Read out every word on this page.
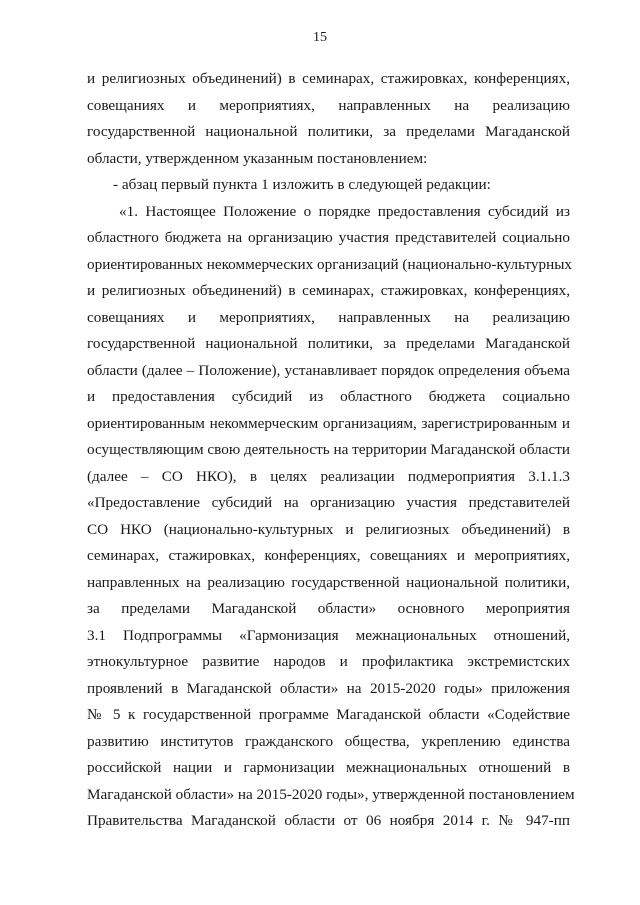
15
и религиозных объединений) в семинарах, стажировках, конференциях,
совещаниях и мероприятиях, направленных на реализацию
государственной национальной политики, за пределами Магаданской
области, утвержденном указанным постановлением:
- абзац первый пункта 1 изложить в следующей редакции:
«1. Настоящее Положение о порядке предоставления субсидий из
областного бюджета на организацию участия представителей социально
ориентированных некоммерческих организаций (национально-культурных
и религиозных объединений) в семинарах, стажировках, конференциях,
совещаниях и мероприятиях, направленных на реализацию
государственной национальной политики, за пределами Магаданской
области (далее – Положение), устанавливает порядок определения объема
и предоставления субсидий из областного бюджета социально
ориентированным некоммерческим организациям, зарегистрированным и
осуществляющим свою деятельность на территории Магаданской области
(далее – СО НКО), в целях реализации подмероприятия 3.1.1.3
«Предоставление субсидий на организацию участия представителей
СО НКО (национально-культурных и религиозных объединений) в
семинарах, стажировках, конференциях, совещаниях и мероприятиях,
направленных на реализацию государственной национальной политики,
за пределами Магаданской области» основного мероприятия
3.1 Подпрограммы «Гармонизация межнациональных отношений,
этнокультурное развитие народов и профилактика экстремистских
проявлений в Магаданской области» на 2015-2020 годы» приложения
№ 5 к государственной программе Магаданской области «Содействие
развитию институтов гражданского общества, укреплению единства
российской нации и гармонизации межнациональных отношений в
Магаданской области» на 2015-2020 годы», утвержденной постановлением
Правительства Магаданской области от 06 ноября 2014 г. № 947-пп
